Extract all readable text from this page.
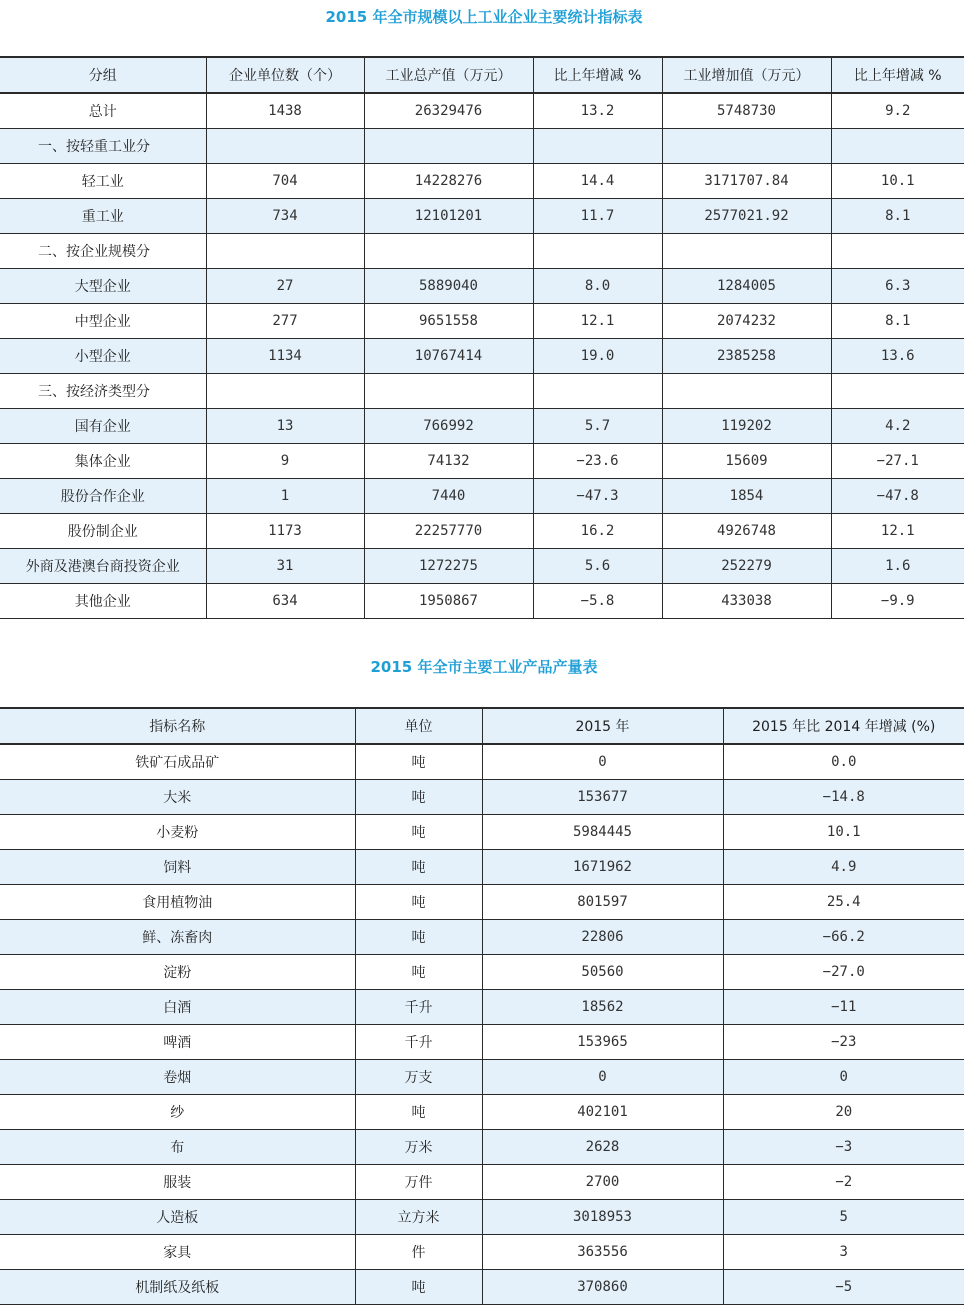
2015 年全市规模以上工业企业主要统计指标表
分组	企业单位数（个）	工业总产值（万元）	比上年增减 %	工业增加值（万元）	比上年增减 %
总计	1438	26329476	13.2	5748730	9.2
一、按轻重工业分					
轻工业	704	14228276	14.4	3171707.84	10.1
重工业	734	12101201	11.7	2577021.92	8.1
二、按企业规模分					
大型企业	27	5889040	8.0	1284005	6.3
中型企业	277	9651558	12.1	2074232	8.1
小型企业	1134	10767414	19.0	2385258	13.6
三、按经济类型分					
国有企业	13	766992	5.7	119202	4.2
集体企业	9	74132	−23.6	15609	−27.1
股份合作企业	1	7440	−47.3	1854	−47.8
股份制企业	1173	22257770	16.2	4926748	12.1
外商及港澳台商投资企业	31	1272275	5.6	252279	1.6
其他企业	634	1950867	−5.8	433038	−9.9
2015 年全市主要工业产品产量表
指标名称	单位	2015 年	2015 年比 2014 年增减 (%)
铁矿石成品矿	吨	0	0.0
大米	吨	153677	−14.8
小麦粉	吨	5984445	10.1
饲料	吨	1671962	4.9
食用植物油	吨	801597	25.4
鲜、冻畜肉	吨	22806	−66.2
淀粉	吨	50560	−27.0
白酒	千升	18562	−11
啤酒	千升	153965	−23
卷烟	万支	0	0
纱	吨	402101	20
布	万米	2628	−3
服装	万件	2700	−2
人造板	立方米	3018953	5
家具	件	363556	3
机制纸及纸板	吨	370860	−5
